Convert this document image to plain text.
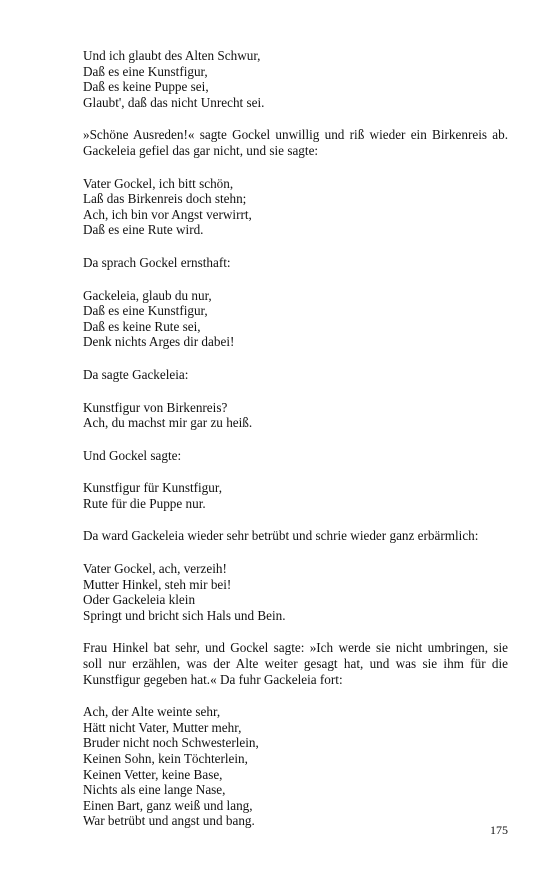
Und ich glaubt des Alten Schwur,
Daß es eine Kunstfigur,
Daß es keine Puppe sei,
Glaubt', daß das nicht Unrecht sei.
»Schöne Ausreden!« sagte Gockel unwillig und riß wieder ein Birkenreis ab.
Gackeleia gefiel das gar nicht, und sie sagte:
Vater Gockel, ich bitt schön,
Laß das Birkenreis doch stehn;
Ach, ich bin vor Angst verwirrt,
Daß es eine Rute wird.
Da sprach Gockel ernsthaft:
Gackeleia, glaub du nur,
Daß es eine Kunstfigur,
Daß es keine Rute sei,
Denk nichts Arges dir dabei!
Da sagte Gackeleia:
Kunstfigur von Birkenreis?
Ach, du machst mir gar zu heiß.
Und Gockel sagte:
Kunstfigur für Kunstfigur,
Rute für die Puppe nur.
Da ward Gackeleia wieder sehr betrübt und schrie wieder ganz erbärmlich:
Vater Gockel, ach, verzeih!
Mutter Hinkel, steh mir bei!
Oder Gackeleia klein
Springt und bricht sich Hals und Bein.
Frau Hinkel bat sehr, und Gockel sagte: »Ich werde sie nicht umbringen, sie
soll nur erzählen, was der Alte weiter gesagt hat, und was sie ihm für die
Kunstfigur gegeben hat.« Da fuhr Gackeleia fort:
Ach, der Alte weinte sehr,
Hätt nicht Vater, Mutter mehr,
Bruder nicht noch Schwesterlein,
Keinen Sohn, kein Töchterlein,
Keinen Vetter, keine Base,
Nichts als eine lange Nase,
Einen Bart, ganz weiß und lang,
War betrübt und angst und bang.
175
